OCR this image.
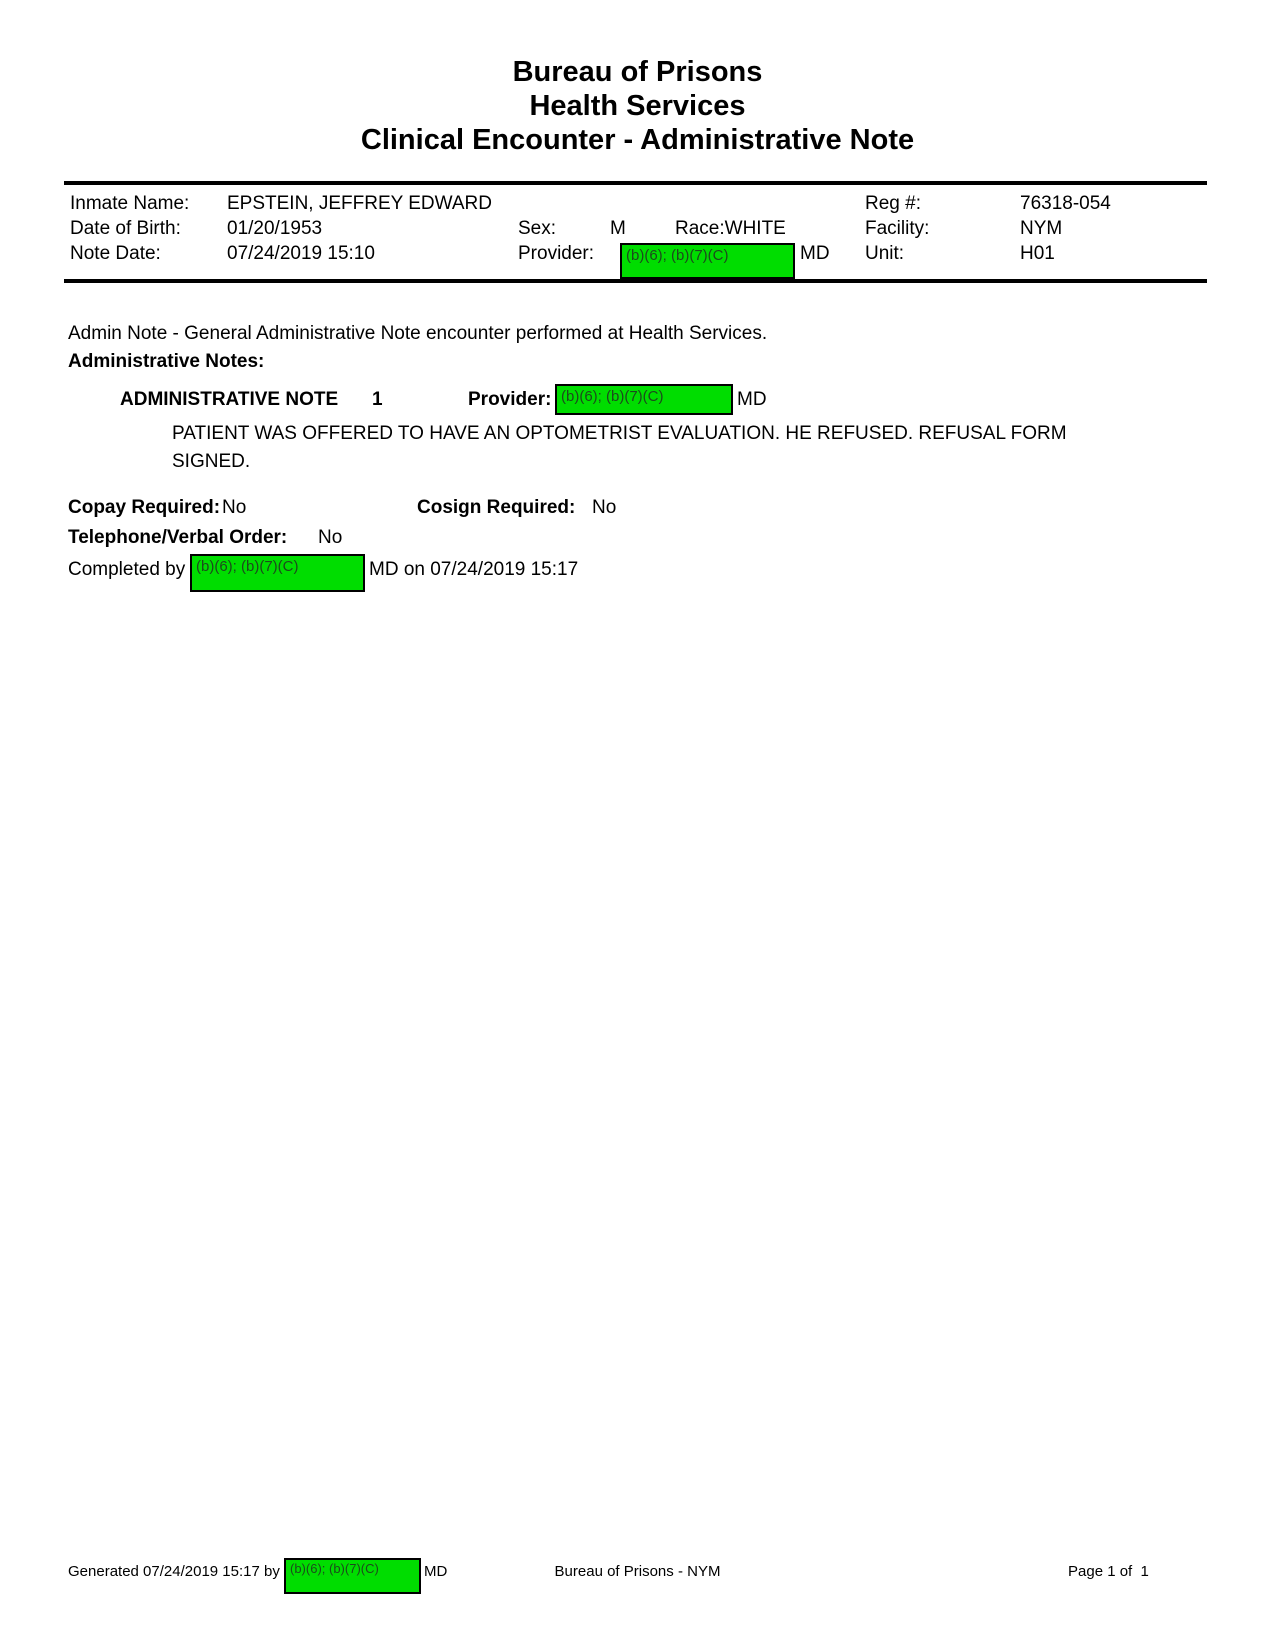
Bureau of Prisons
Health Services
Clinical Encounter - Administrative Note
Inmate Name: EPSTEIN, JEFFREY EDWARD	Reg #:	76318-054
Date of Birth: 01/20/1953	Sex:	M	Race:WHITE	Facility:	NYM
Note Date:	07/24/2019 15:10	Provider: (b)(6); (b)(7)(C)	MD Unit:	H01
Admin Note - General Administrative Note encounter performed at Health Services.
Administrative Notes:
ADMINISTRATIVE NOTE 1	Provider: (b)(6); (b)(7)(C)	MD
PATIENT WAS OFFERED TO HAVE AN OPTOMETRIST EVALUATION. HE REFUSED. REFUSAL FORM SIGNED.
Copay Required: No	Cosign Required: No
Telephone/Verbal Order: No
Completed by (b)(6); (b)(7)(C)	MD on 07/24/2019 15:17
Generated 07/24/2019 15:17 by (b)(6); (b)(7)(C)	MD	Bureau of Prisons - NYM	Page 1 of  1
